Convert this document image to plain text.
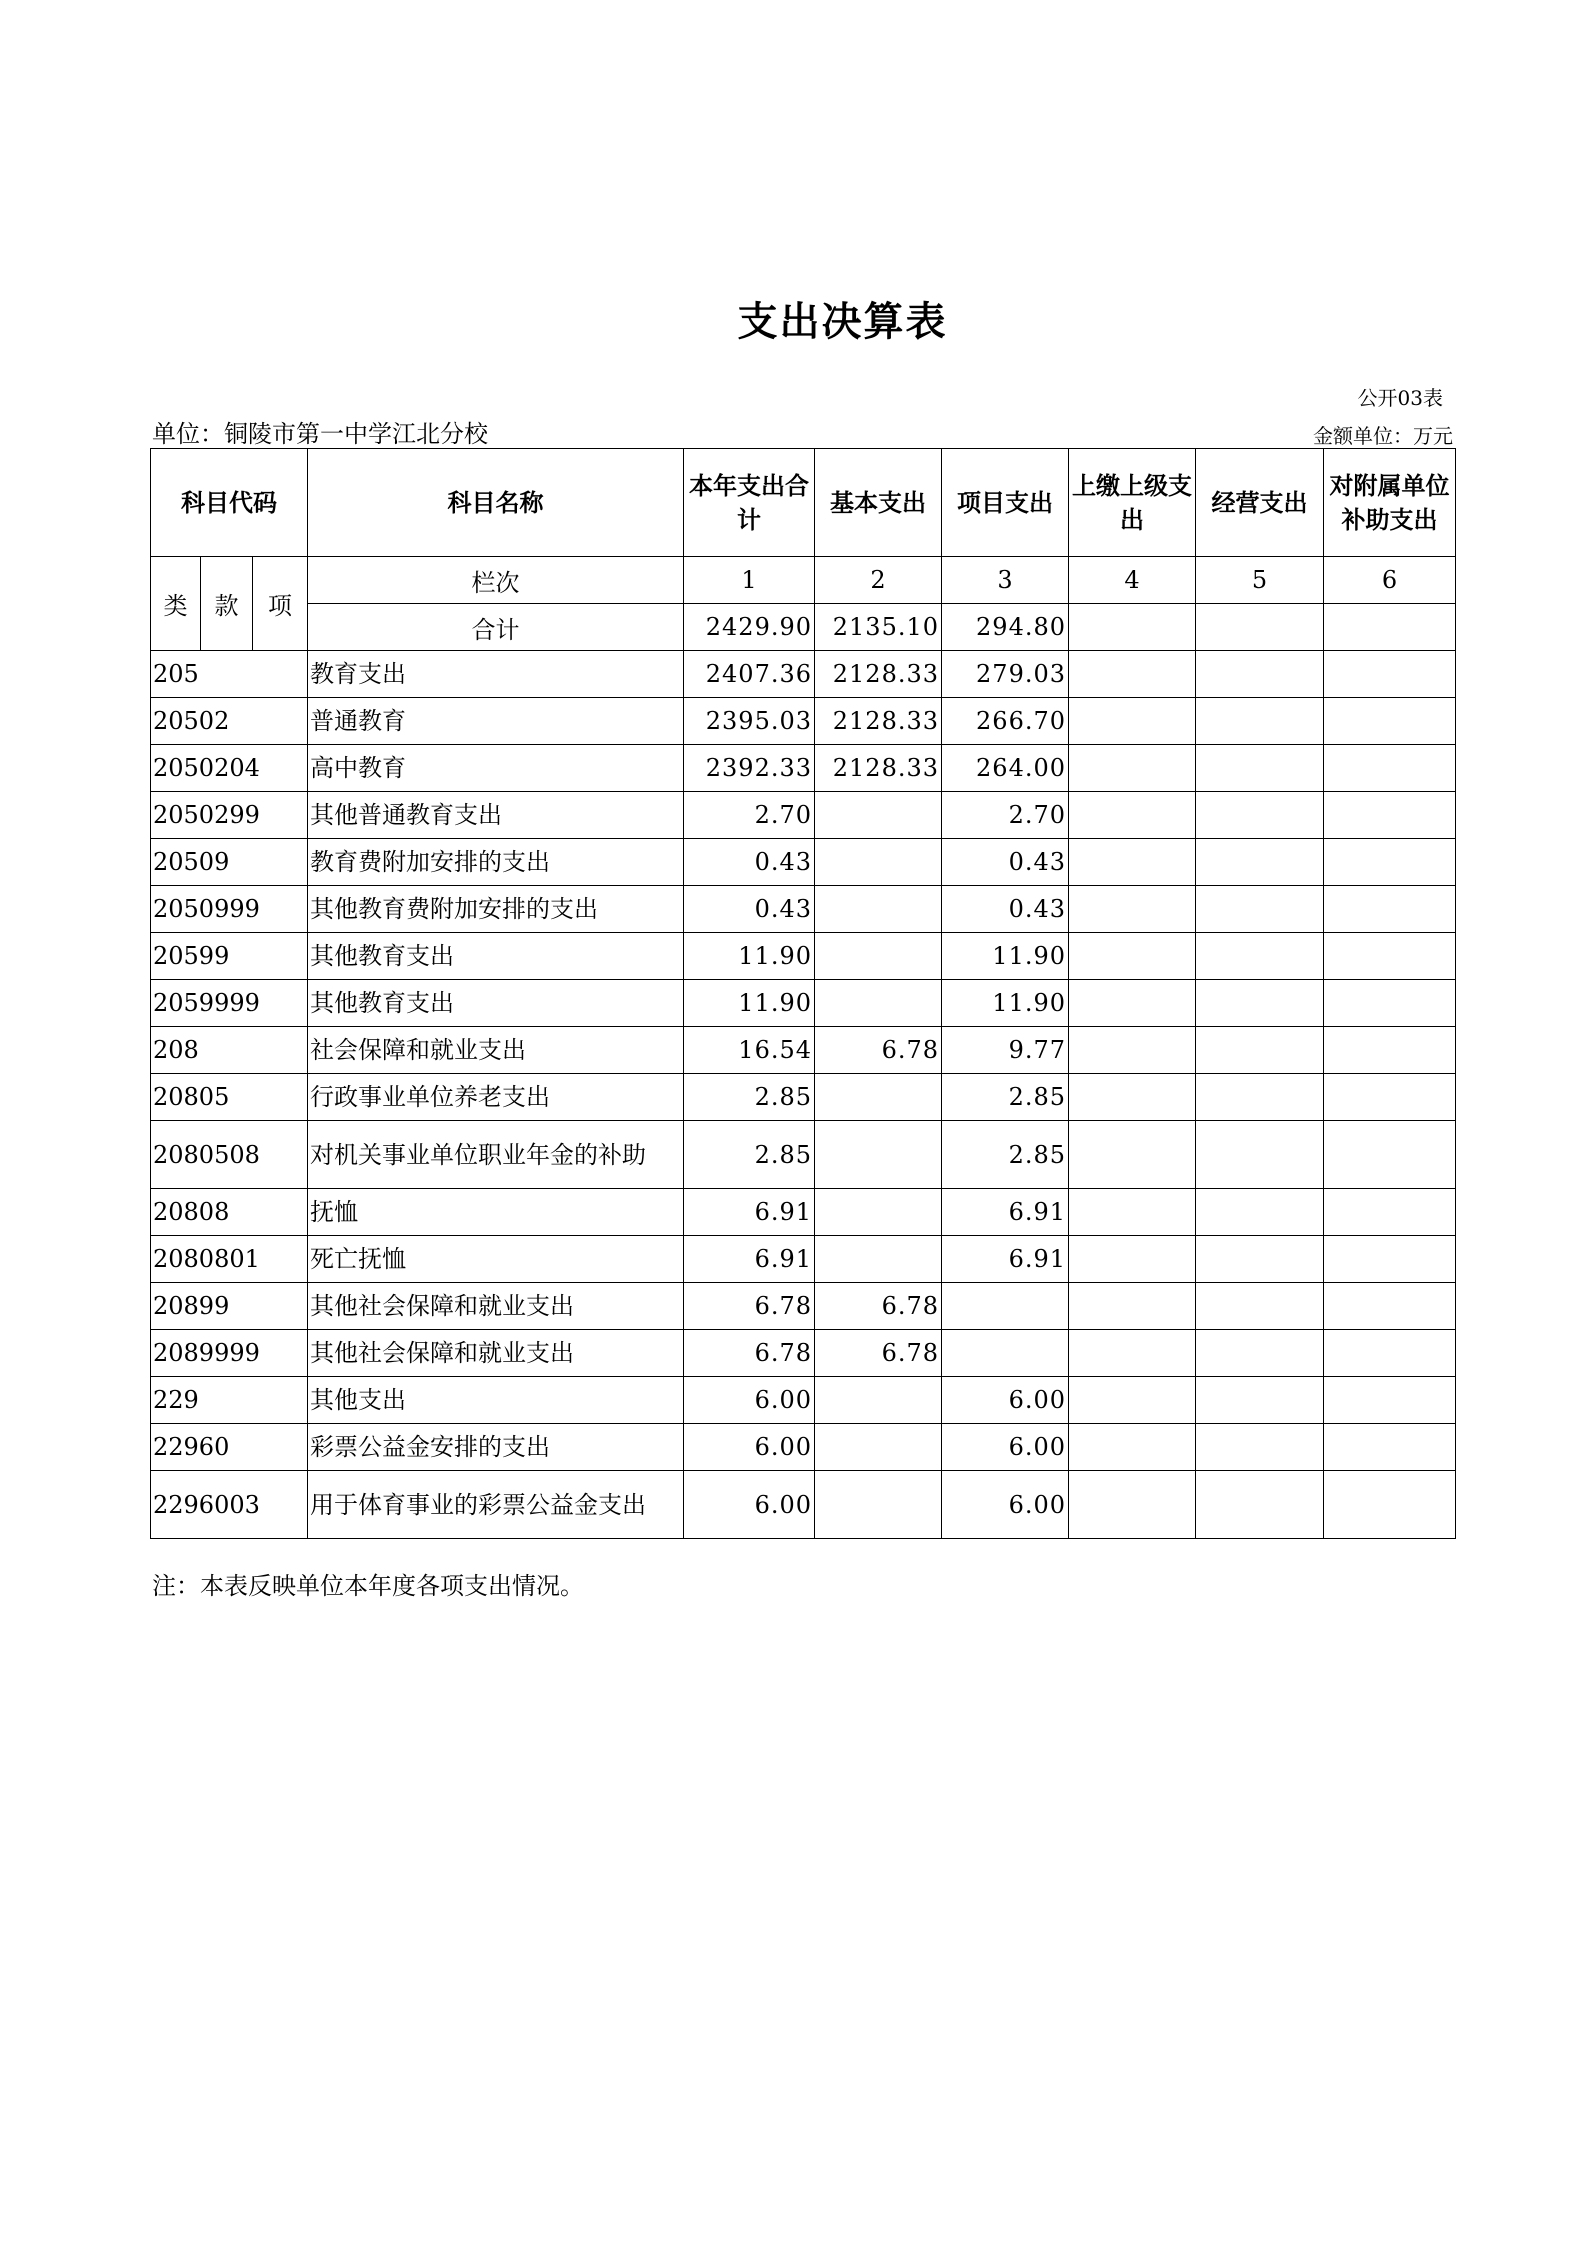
支出决算表
公开03表
单位：铜陵市第一中学江北分校	金额单位：万元
科目代码			科目名称	本年支出合计	基本支出	项目支出	上缴上级支出	经营支出	对附属单位补助支出
类	款	项	栏次	1	2	3	4	5	6
			合计	2429.90	2135.10	294.80			
205			教育支出	2407.36	2128.33	279.03			
20502			普通教育	2395.03	2128.33	266.70			
2050204			高中教育	2392.33	2128.33	264.00			
2050299			其他普通教育支出	2.70		2.70			
20509			教育费附加安排的支出	0.43		0.43			
2050999			其他教育费附加安排的支出	0.43		0.43			
20599			其他教育支出	11.90		11.90			
2059999			其他教育支出	11.90		11.90			
208			社会保障和就业支出	16.54	6.78	9.77			
20805			行政事业单位养老支出	2.85		2.85			
2080508			对机关事业单位职业年金的补助	2.85		2.85			
20808			抚恤	6.91		6.91			
2080801			死亡抚恤	6.91		6.91			
20899			其他社会保障和就业支出	6.78	6.78				
2089999			其他社会保障和就业支出	6.78	6.78				
229			其他支出	6.00		6.00			
22960			彩票公益金安排的支出	6.00		6.00			
2296003			用于体育事业的彩票公益金支出	6.00		6.00			
注：本表反映单位本年度各项支出情况。
